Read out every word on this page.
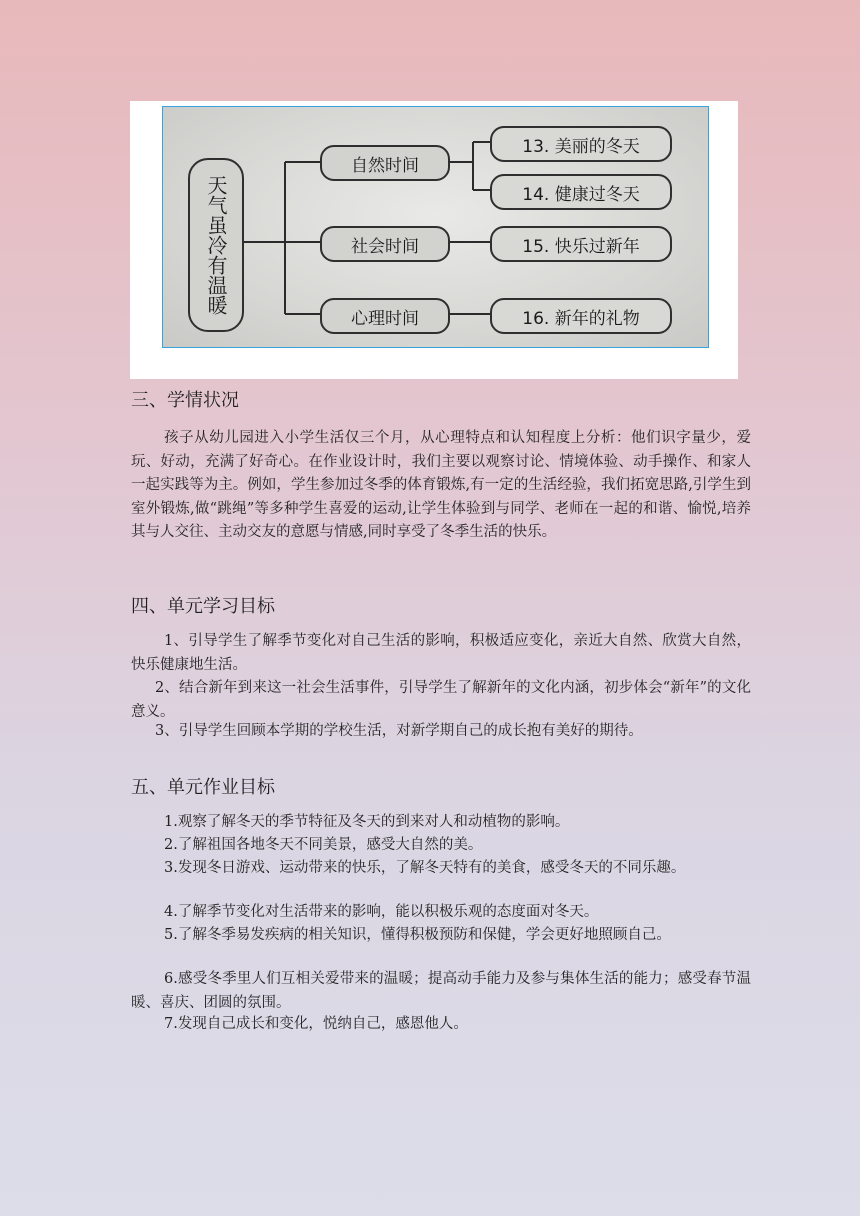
天气虽冷有温暖
自然时间
社会时间
心理时间
13. 美丽的冬天
14. 健康过冬天
15. 快乐过新年
16. 新年的礼物
三、学情状况

孩子从幼儿园进入小学生活仅三个月，从心理特点和认知程度上分析：他们识字量少，爱玩、好动，充满了好奇心。在作业设计时，我们主要以观察讨论、情境体验、动手操作、和家人一起实践等为主。例如，学生参加过冬季的体育锻炼,有一定的生活经验，我们拓宽思路,引学生到室外锻炼,做“跳绳”等多种学生喜爱的运动,让学生体验到与同学、老师在一起的和谐、愉悦,培养其与人交往、主动交友的意愿与情感,同时享受了冬季生活的快乐。

四、单元学习目标

1、引导学生了解季节变化对自己生活的影响，积极适应变化，亲近大自然、欣赏大自然，快乐健康地生活。

2、结合新年到来这一社会生活事件，引导学生了解新年的文化内涵，初步体会“新年”的文化意义。

3、引导学生回顾本学期的学校生活，对新学期自己的成长抱有美好的期待。

五、单元作业目标

1.观察了解冬天的季节特征及冬天的到来对人和动植物的影响。

2.了解祖国各地冬天不同美景，感受大自然的美。

3.发现冬日游戏、运动带来的快乐，了解冬天特有的美食，感受冬天的不同乐趣。

4.了解季节变化对生活带来的影响，能以积极乐观的态度面对冬天。

5.了解冬季易发疾病的相关知识，懂得积极预防和保健，学会更好地照顾自己。

6.感受冬季里人们互相关爱带来的温暖；提高动手能力及参与集体生活的能力；感受春节温暖、喜庆、团圆的氛围。

7.发现自己成长和变化，悦纳自己，感恩他人。
